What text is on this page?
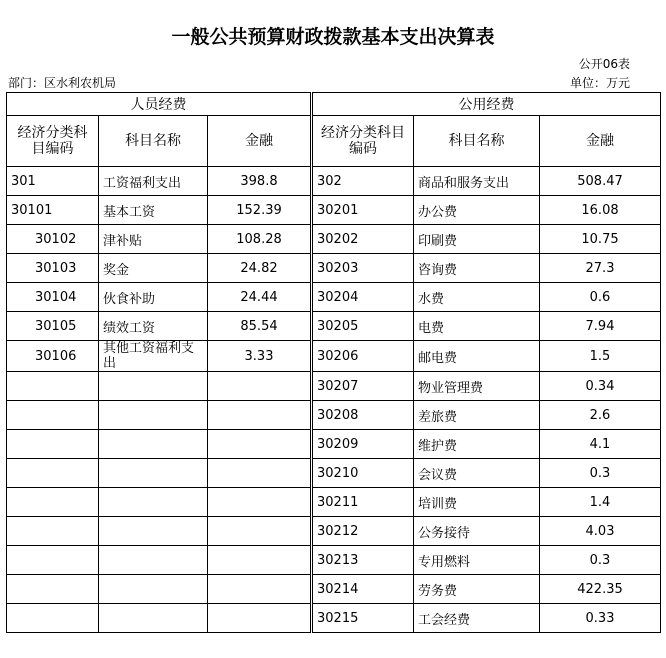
一般公共预算财政拨款基本支出决算表
公开06表
部门：区水利农机局	单位：万元
人员经费			公用经费		
经济分类科目编码	科目名称	金融	经济分类科目编码	科目名称	金融
301	工资福利支出	398.8	302	商品和服务支出	508.47
30101	基本工资	152.39	30201	办公费	16.08
30102	津补贴	108.28	30202	印刷费	10.75
30103	奖金	24.82	30203	咨询费	27.3
30104	伙食补助	24.44	30204	水费	0.6
30105	绩效工资	85.54	30205	电费	7.94
30106	其他工资福利支出	3.33	30206	邮电费	1.5
			30207	物业管理费	0.34
			30208	差旅费	2.6
			30209	维护费	4.1
			30210	会议费	0.3
			30211	培训费	1.4
			30212	公务接待	4.03
			30213	专用燃料	0.3
			30214	劳务费	422.35
			30215	工会经费	0.33
